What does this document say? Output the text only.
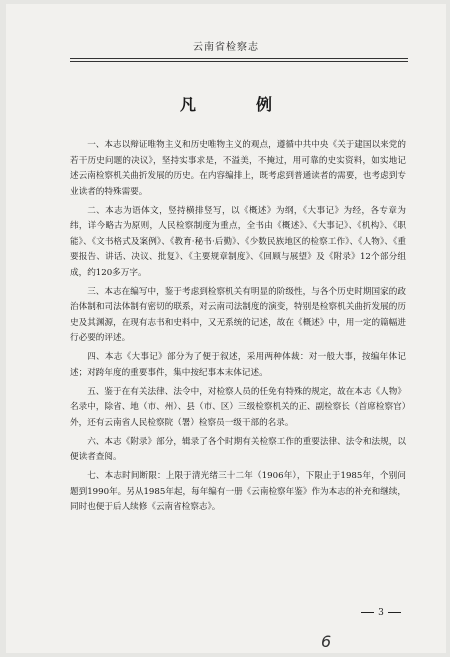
云南省检察志
凡　例

一、本志以辩证唯物主义和历史唯物主义的观点，遵循中共中央《关于建国以来党的若干历史问题的决议》，坚持实事求是，不溢美，不掩过，用可靠的史实资料，如实地记述云南检察机关曲折发展的历史。在内容编排上，既考虑到普通读者的需要，也考虑到专业读者的特殊需要。

二、本志为语体文，竖持横排竖写，以《概述》为纲，《大事记》为经，各专章为纬，详今略古为原则，人民检察制度为重点，全书由《概述》、《大事记》、《机构》、《职能》、《文书格式及案例》、《教育·秘书·后勤》、《少数民族地区的检察工作》、《人物》、《重要报告、讲话、决议、批复》、《主要规章制度》、《回顾与展望》及《附录》12个部分组成，约120多万字。

三、本志在编写中，鉴于考虑到检察机关有明显的阶级性，与各个历史时期国家的政治体制和司法体制有密切的联系，对云南司法制度的演变，特别是检察机关曲折发展的历史及其渊源，在现有志书和史料中，又无系统的记述，故在《概述》中，用一定的篇幅进行必要的评述。

四、本志《大事记》部分为了便于叙述，采用两种体裁：对一般大事，按编年体记述；对跨年度的重要事件，集中按纪事本末体记述。

五、鉴于在有关法律、法令中，对检察人员的任免有特殊的规定，故在本志《人物》名录中，除省、地（市、州）、县（市、区）三级检察机关的正、副检察长（首席检察官）外，还有云南省人民检察院（署）检察员一级干部的名录。

六、本志《附录》部分，辑录了各个时期有关检察工作的重要法律、法令和法规，以便读者查阅。

七、本志时间断限：上限于清光绪三十二年（1906年），下限止于1985年，个别问题到1990年。另从1985年起，每年编有一册《云南检察年鉴》作为本志的补充和继续，同时也便于后人续修《云南省检察志》。

3
6
